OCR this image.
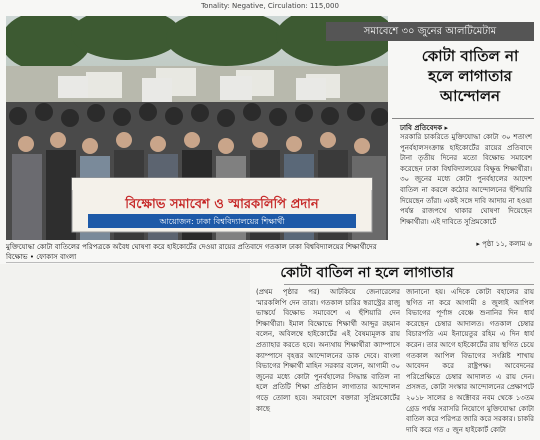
Tonality: Negative, Circulation: 115,000
বিক্ষোভ সমাবেশ ও স্মারকলিপি প্রদান
আয়োজন: ঢাকা বিশ্ববিদ্যালয়ের শিক্ষার্থী
সমাবেশে ৩০ জুনের আলটিমেটাম
কোটা বাতিল না হলে লাগাতার আন্দোলন
ঢাবি প্রতিবেদক ▸
সরকারি চাকরিতে মুক্তিযোদ্ধা কোটা ৩০ শতাংশ পুনর্বহালসংক্রান্ত হাইকোর্টের রায়ের প্রতিবাদে টানা তৃতীয় দিনের মতো বিক্ষোভ সমাবেশ করেছেন ঢাকা বিশ্ববিদ্যালয়ের বিক্ষুব্ধ শিক্ষার্থীরা। ৩০ জুনের মধ্যে কোটা পুনর্বহালের আদেশ বাতিল না করলে কঠোর আন্দোলনের হুঁশিয়ারি দিয়েছেন তাঁরা। একই সঙ্গে দাবি আদায় না হওয়া পর্যন্ত রাজপথে থাকার ঘোষণা দিয়েছেন শিক্ষার্থীরা। এই দাবিতে সুপ্রিমকোর্টে
▸ পৃষ্ঠা ১১, কলাম ৬
মুক্তিযোদ্ধা কোটা বাতিলের পরিপত্রকে অবৈধ ঘোষণা করে হাইকোর্টের দেওয়া রায়ের প্রতিবাদে গতকাল ঢাকা বিশ্ববিদ্যালয়ের শিক্ষার্থীদের বিক্ষোভ • ফোকাস বাংলা
কোটা বাতিল না হলে লাগাতার
(প্রথম পৃষ্ঠার পর) আটকিয়ে জেনারেলের 'মারকলিপি দেন তারা। গতকাল চারির স্বরাস্ট্রের রাজু ভাস্কর্যে বিক্ষোভ সমাবেশে এ হুঁশিয়ারি দেন শিক্ষার্থীরা। ইমাল বিক্ষোভে শিক্ষার্থী আব্দুর রহমান বলেন, অবিলম্বে হাইকোর্টের এই বৈষম্যমূলক রায় প্রত্যাহার করতে হবে। অন্যথায় শিক্ষার্থীরা ক্যাম্পাসে ক্যাম্পাসে বৃহত্তর আন্দোলনের ডাক দেবে। বাংলা বিভাগের শিক্ষার্থী মাহিন সরকার বলেন, আগামী ৩০ জুনের মধ্যে কোটা পুনর্বহালের সিদ্ধান্ত বাতিল না হলে প্রতিটি শিক্ষা প্রতিষ্ঠান লাগাতার আন্দোলন গড়ে তোলা হবে। সমাবেশে বক্তারা সুপ্রিমকোর্টের কাছে
জানানো হয়। এদিকে কোটা বহালের রায় স্থগিত না করে আগামী ৪ জুলাই আপিল বিভাগের পূর্ণাঙ্গ বেঞ্চে শুনানির দিন ধার্য করেছেন চেম্বার আদালত। গতকাল চেম্বার বিচারপতি এম ইনায়েতুর রহিম এ দিন ধার্য করেন। তার আগে হাইকোর্টের রায় স্থগিত চেয়ে গতকাল আপিল বিভাগের সংশ্লিষ্ট শাখায় আবেদন করে রাষ্ট্রপক্ষ। আবেদনের পরিপ্রেক্ষিতে চেম্বার আদালত এ রায় দেন। প্রসঙ্গত, কোটা সংস্কার আন্দোলনের প্রেক্ষাপটে ২০১৮ সালের ৪ অক্টোবর নবম থেকে ১৩তম গ্রেড পর্যন্ত সরাসরি নিয়োগে মুক্তিযোদ্ধা কোটা বাতিল করে পরিপত্র জারি করে সরকার। চাকরি দাবি করে গত ৫ জুন হাইকোর্ট কোটা
